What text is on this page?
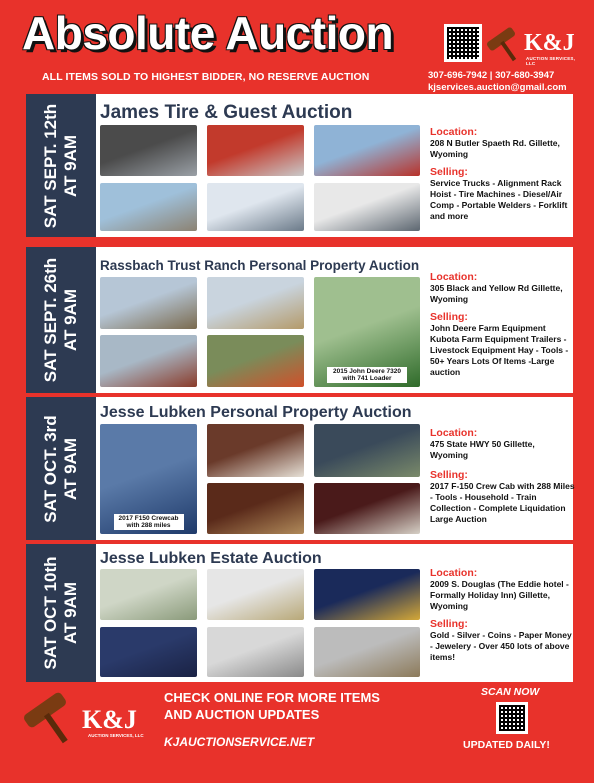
Absolute Auction
ALL ITEMS SOLD TO HIGHEST BIDDER, NO RESERVE AUCTION
K&J
AUCTION SERVICES, LLC
307-696-7942 | 307-680-3947
kjservices.auction@gmail.com
SAT SEPT. 12th AT 9AM
James Tire & Guest Auction
Location:
208 N Butler Spaeth Rd. Gillette, Wyoming
Selling:
Service Trucks - Alignment Rack Hoist - Tire Machines - Diesel/Air Comp - Portable Welders - Forklift and more
SAT SEPT. 26th AT 9AM
Rassbach Trust Ranch Personal Property Auction
2015 John Deere 7320 with 741 Loader
Location:
305 Black and Yellow Rd Gillette, Wyoming
Selling:
John Deere Farm Equipment Kubota Farm Equipment Trailers - Livestock Equipment Hay - Tools - 50+ Years Lots Of Items -Large auction
SAT OCT. 3rd AT 9AM
Jesse Lubken Personal Property Auction
2017 F150 Crewcab with 288 miles
Location:
475 State HWY 50 Gillette, Wyoming
Selling:
2017 F-150 Crew Cab with 288 Miles - Tools - Household - Train Collection - Complete Liquidation Large Auction
SAT OCT 10th AT 9AM
Jesse Lubken Estate Auction
Location:
2009 S. Douglas (The Eddie hotel - Formally Holiday Inn) Gillette, Wyoming
Selling:
Gold - Silver - Coins - Paper Money - Jewelery - Over 450 lots of above items!
K&J
AUCTION SERVICES, LLC
CHECK ONLINE FOR MORE ITEMS
AND AUCTION UPDATES
KJAUCTIONSERVICE.NET
SCAN NOW
UPDATED DAILY!
